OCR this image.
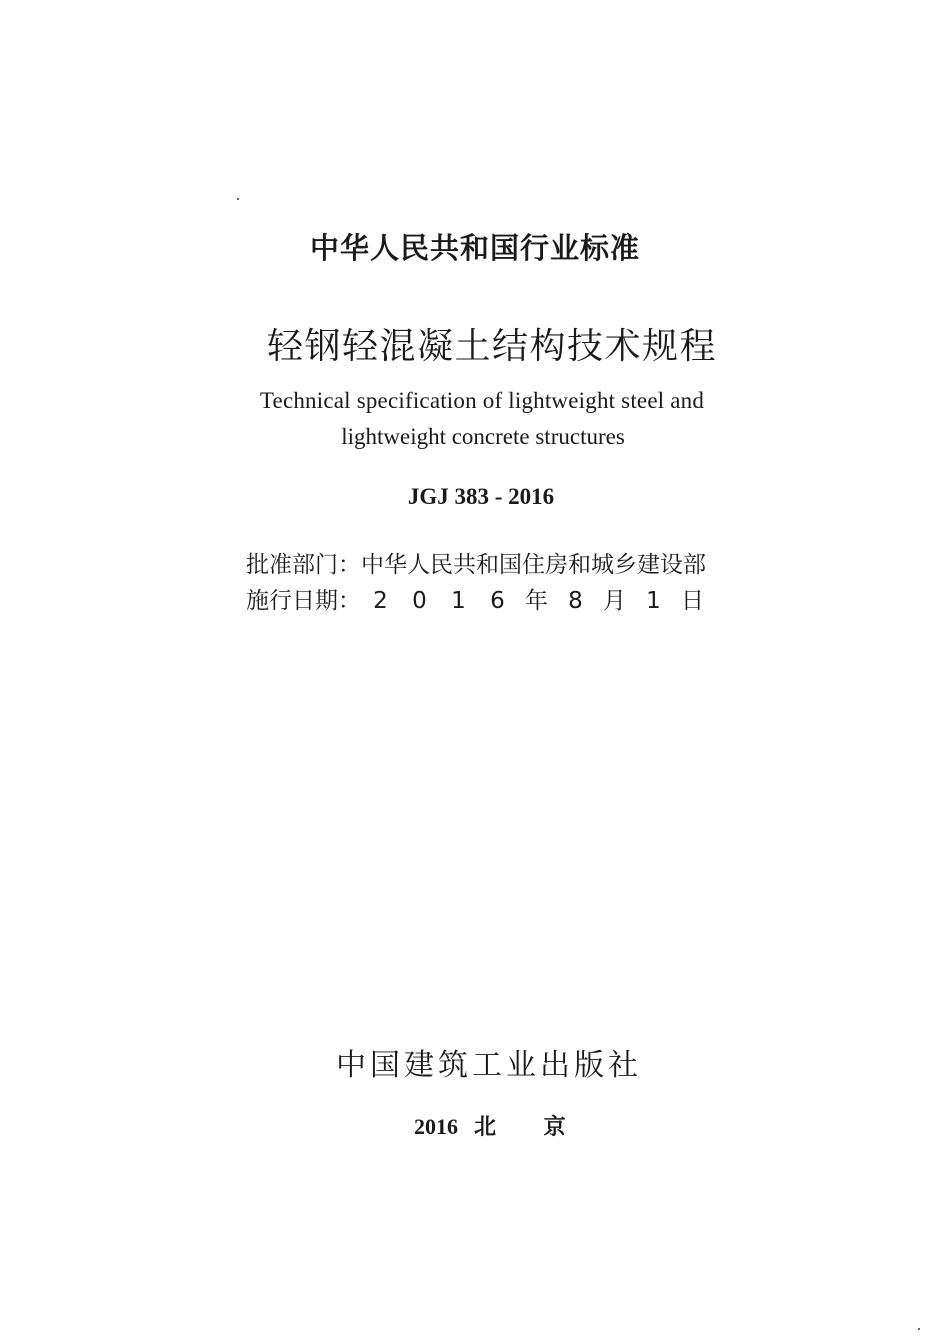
中华人民共和国行业标准
轻钢轻混凝土结构技术规程
Technical specification of lightweight steel and
lightweight concrete structures
JGJ 383 - 2016
批准部门：中华人民共和国住房和城乡建设部
施行日期： 2 0 1 6 年 8 月 1 日
中国建筑工业出版社
2016 北 京
